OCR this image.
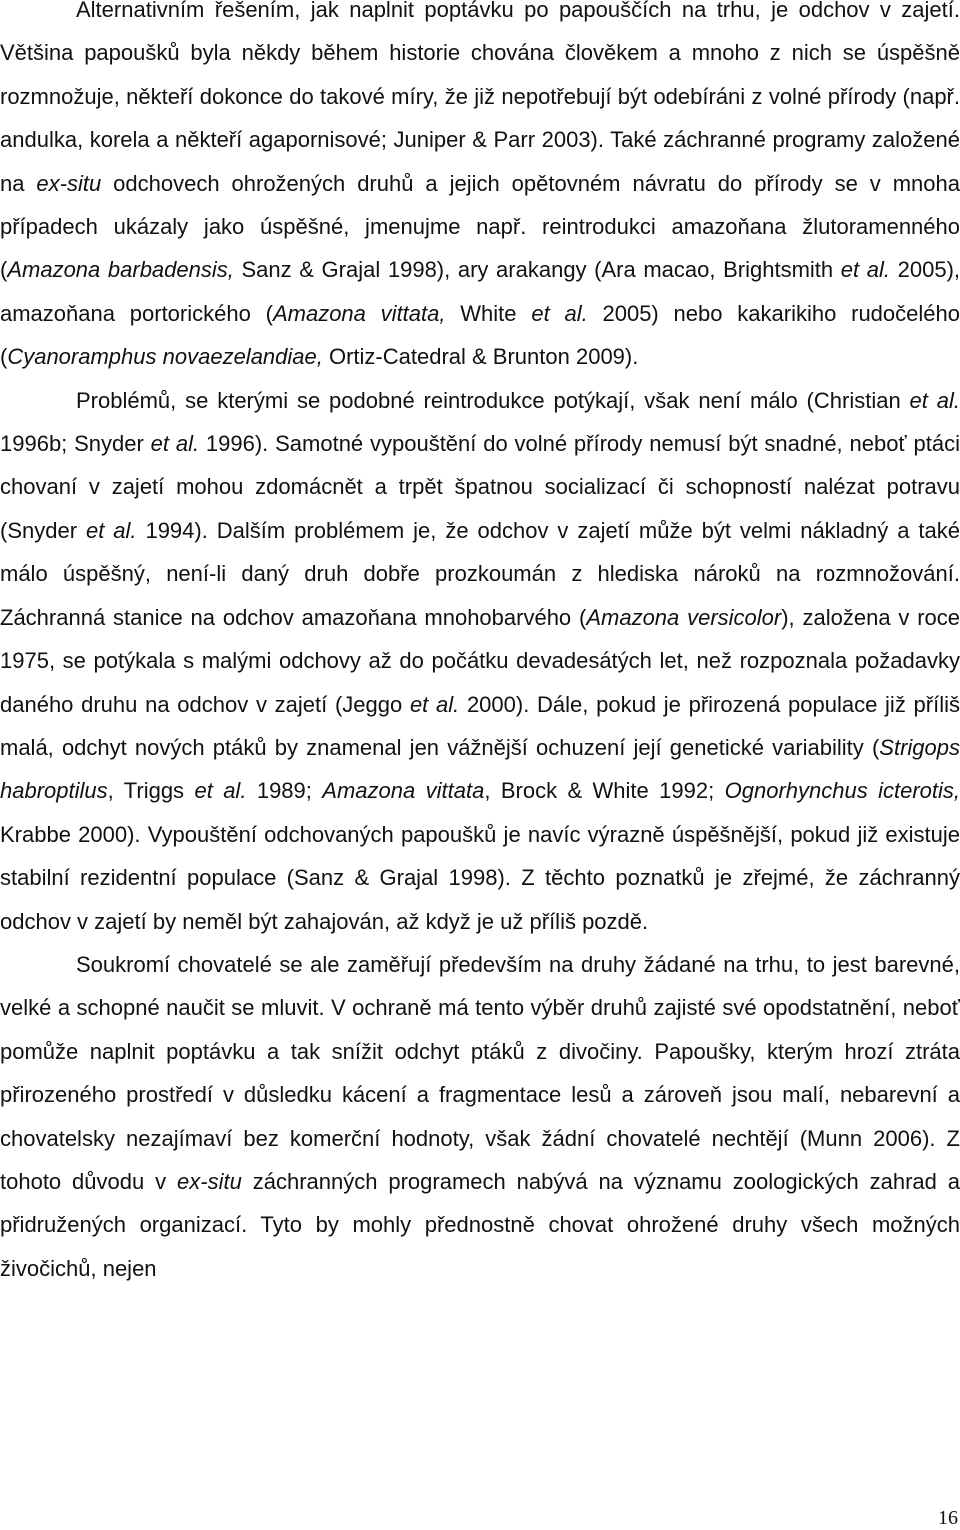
Alternativním řešením, jak naplnit poptávku po papouščích na trhu, je odchov v zajetí. Většina papoušků byla někdy během historie chována člověkem a mnoho z nich se úspěšně rozmnožuje, někteří dokonce do takové míry, že již nepotřebují být odebíráni z volné přírody (např. andulka, korela a někteří agapornisové; Juniper & Parr 2003). Také záchranné programy založené na ex-situ odchovech ohrožených druhů a jejich opětovném návratu do přírody se v mnoha případech ukázaly jako úspěšné, jmenujme např. reintrodukci amazoňana žlutoramenného (Amazona barbadensis, Sanz & Grajal 1998), ary arakangy (Ara macao, Brightsmith et al. 2005), amazoňana portorického (Amazona vittata, White et al. 2005) nebo kakarikiho rudočelého (Cyanoramphus novaezelandiae, Ortiz-Catedral & Brunton 2009).

Problémů, se kterými se podobné reintrodukce potýkají, však není málo (Christian et al. 1996b; Snyder et al. 1996). Samotné vypouštění do volné přírody nemusí být snadné, neboť ptáci chovaní v zajetí mohou zdomácnět a trpět špatnou socializací či schopností nalézat potravu (Snyder et al. 1994). Dalším problémem je, že odchov v zajetí může být velmi nákladný a také málo úspěšný, není-li daný druh dobře prozkoumán z hlediska nároků na rozmnožování. Záchranná stanice na odchov amazoňana mnohobarvého (Amazona versicolor), založena v roce 1975, se potýkala s malými odchovy až do počátku devadesátých let, než rozpoznala požadavky daného druhu na odchov v zajetí (Jeggo et al. 2000). Dále, pokud je přirozená populace již příliš malá, odchyt nových ptáků by znamenal jen vážnější ochuzení její genetické variability (Strigops habroptilus, Triggs et al. 1989; Amazona vittata, Brock & White 1992; Ognorhynchus icterotis, Krabbe 2000). Vypouštění odchovaných papoušků je navíc výrazně úspěšnější, pokud již existuje stabilní rezidentní populace (Sanz & Grajal 1998). Z těchto poznatků je zřejmé, že záchranný odchov v zajetí by neměl být zahajován, až když je už příliš pozdě.

Soukromí chovatelé se ale zaměřují především na druhy žádané na trhu, to jest barevné, velké a schopné naučit se mluvit. V ochraně má tento výběr druhů zajisté své opodstatnění, neboť pomůže naplnit poptávku a tak snížit odchyt ptáků z divočiny. Papoušky, kterým hrozí ztráta přirozeného prostředí v důsledku kácení a fragmentace lesů a zároveň jsou malí, nebarevní a chovatelsky nezajímaví bez komerční hodnoty, však žádní chovatelé nechtějí (Munn 2006). Z tohoto důvodu v ex-situ záchranných programech nabývá na významu zoologických zahrad a přidružených organizací. Tyto by mohly přednostně chovat ohrožené druhy všech možných živočichů, nejen

16
